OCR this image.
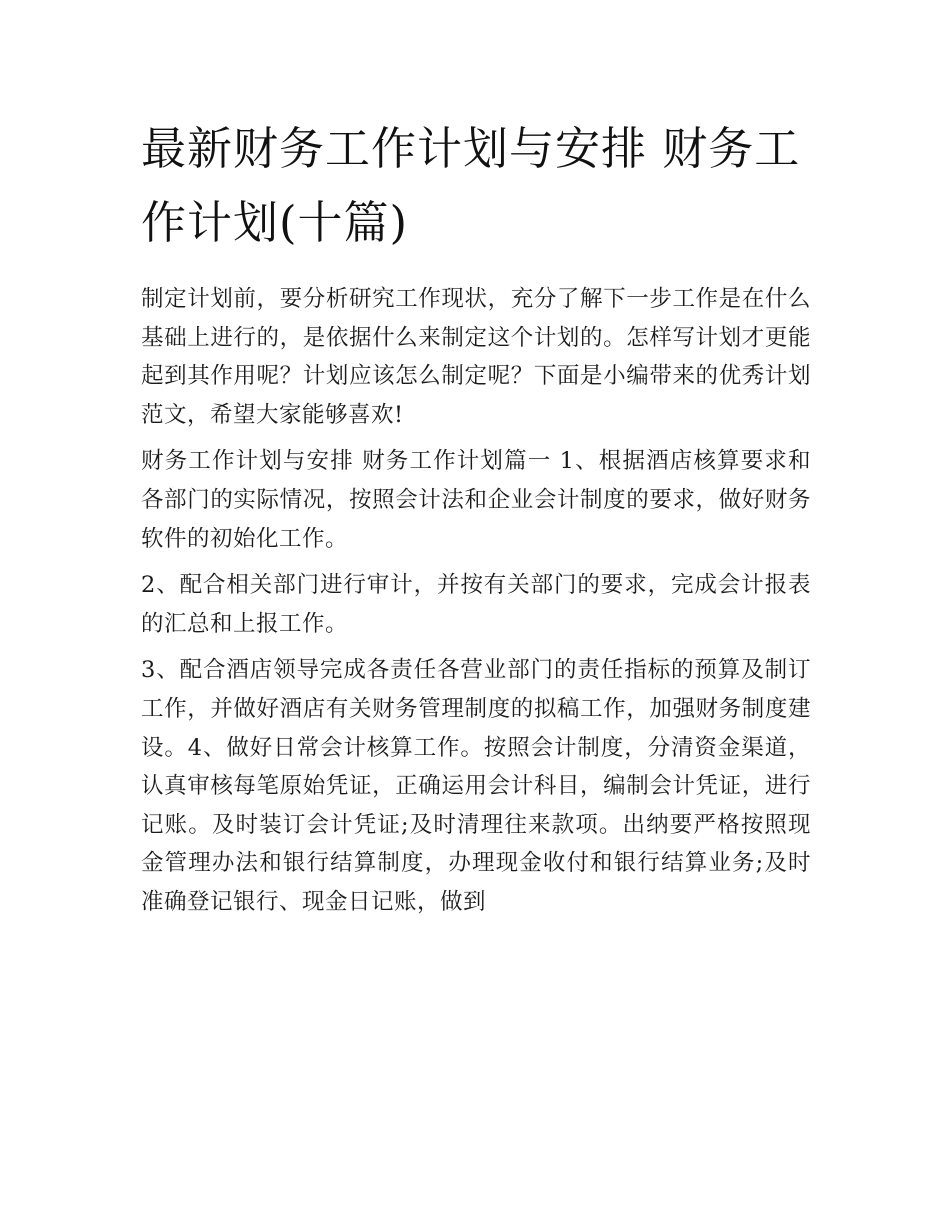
最新财务工作计划与安排 财务工作计划(十篇)

制定计划前，要分析研究工作现状，充分了解下一步工作是在什么基础上进行的，是依据什么来制定这个计划的。怎样写计划才更能起到其作用呢？计划应该怎么制定呢？下面是小编带来的优秀计划范文，希望大家能够喜欢!

财务工作计划与安排 财务工作计划篇一 1、根据酒店核算要求和各部门的实际情况，按照会计法和企业会计制度的要求，做好财务软件的初始化工作。

2、配合相关部门进行审计，并按有关部门的要求，完成会计报表的汇总和上报工作。

3、配合酒店领导完成各责任各营业部门的责任指标的预算及制订工作，并做好酒店有关财务管理制度的拟稿工作，加强财务制度建设。4、做好日常会计核算工作。按照会计制度，分清资金渠道，认真审核每笔原始凭证，正确运用会计科目，编制会计凭证，进行记账。及时装订会计凭证;及时清理往来款项。出纳要严格按照现金管理办法和银行结算制度，办理现金收付和银行结算业务;及时准确登记银行、现金日记账，做到
